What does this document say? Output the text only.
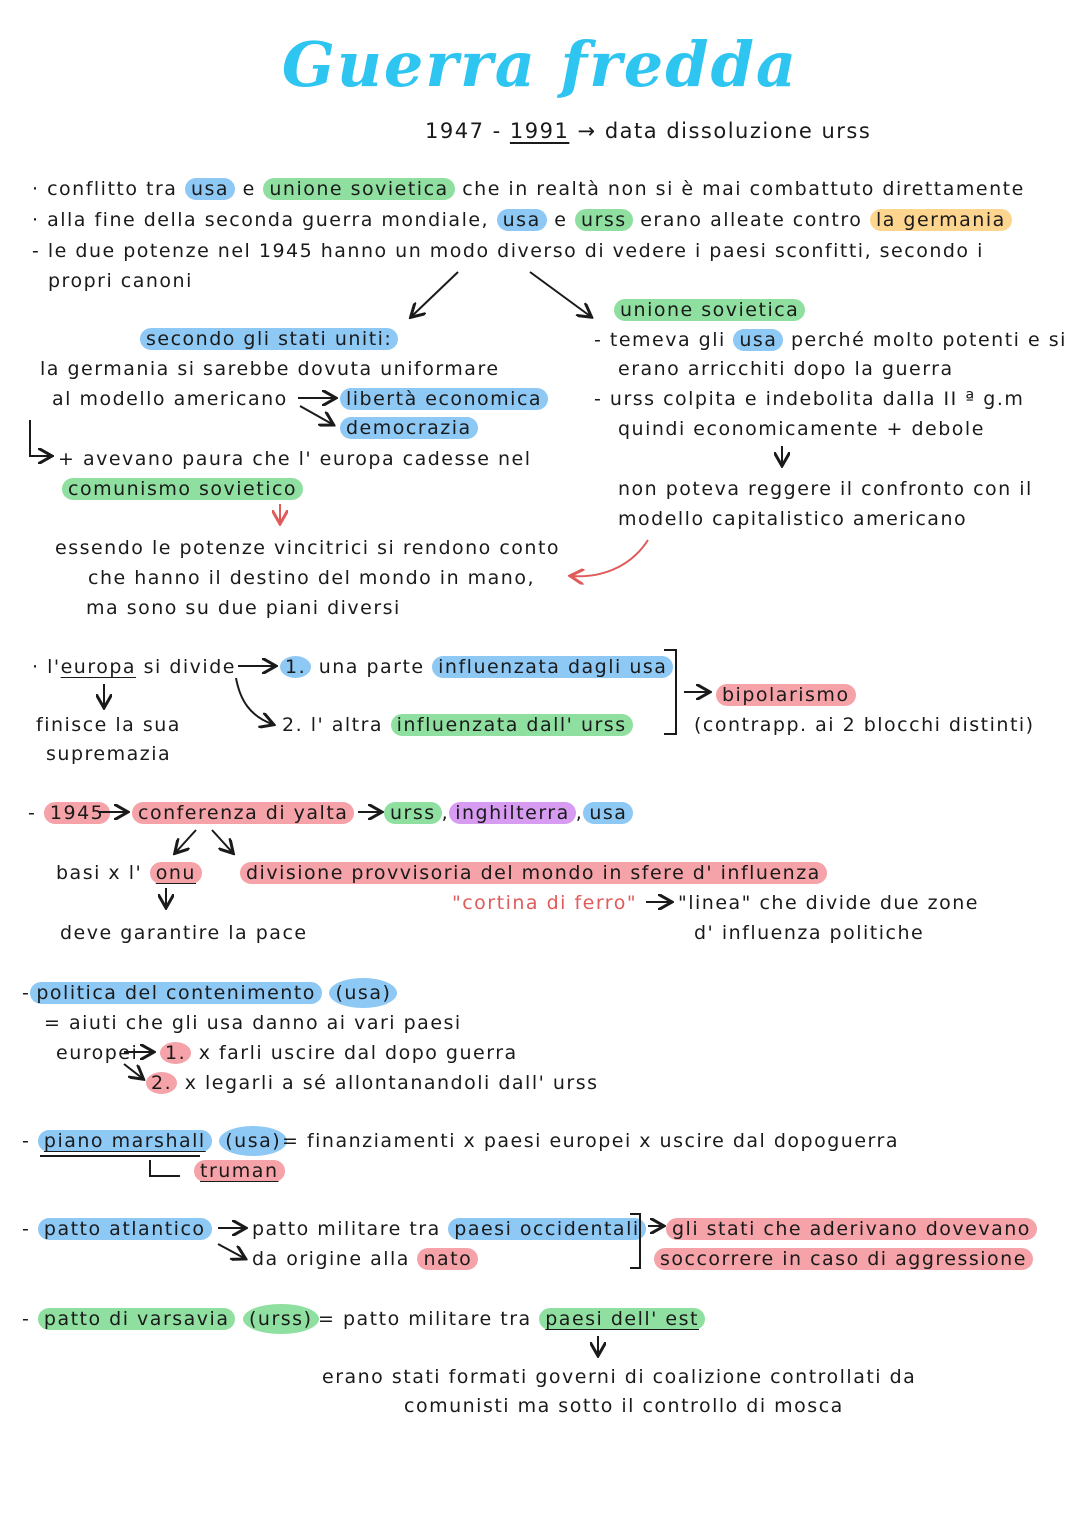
Guerra fredda
1947 - 1991 → data dissoluzione urss
· conflitto tra usa e unione sovietica che in realtà non si è mai combattuto direttamente
· alla fine della seconda guerra mondiale, usa e urss erano alleate contro la germania
- le due potenze nel 1945 hanno un modo diverso di vedere i paesi sconfitti, secondo i
propri canoni
secondo gli stati uniti:
la germania si sarebbe dovuta uniformare
al modello americano	libertà economica
democrazia
+ avevano paura che l' europa cadesse nel
comunismo sovietico
essendo le potenze vincitrici si rendono conto
che hanno il destino del mondo in mano,
ma sono su due piani diversi
unione sovietica
- temeva gli usa perché molto potenti e si
erano arricchiti dopo la guerra
- urss colpita e indebolita dalla II ª g.m
quindi economicamente + debole
non poteva reggere il confronto con il
modello capitalistico americano
· l'europa si divide	1. una parte influenzata dagli usa
2. l' altra influenzata dall' urss
finisce la sua
supremazia
bipolarismo
(contrapp. ai 2 blocchi distinti)
- 1945	conferenza di yalta	urss , inghilterra , usa
basi x l' onu
deve garantire la pace
divisione provvisoria del mondo in sfere d' influenza
"cortina di ferro" "linea" che divide due zone
d' influenza politiche
- politica del contenimento (usa)
= aiuti che gli usa danno ai vari paesi
europei 1. x farli uscire dal dopo guerra
2. x legarli a sé allontanandoli dall' urss
- piano marshall (usa) = finanziamenti x paesi europei x uscire dal dopoguerra
truman
- patto atlantico	patto militare tra paesi occidentali
da origine alla nato
gli stati che aderivano dovevano
soccorrere in caso di aggressione
- patto di varsavia (urss) = patto militare tra paesi dell' est
erano stati formati governi di coalizione controllati da
comunisti ma sotto il controllo di mosca
